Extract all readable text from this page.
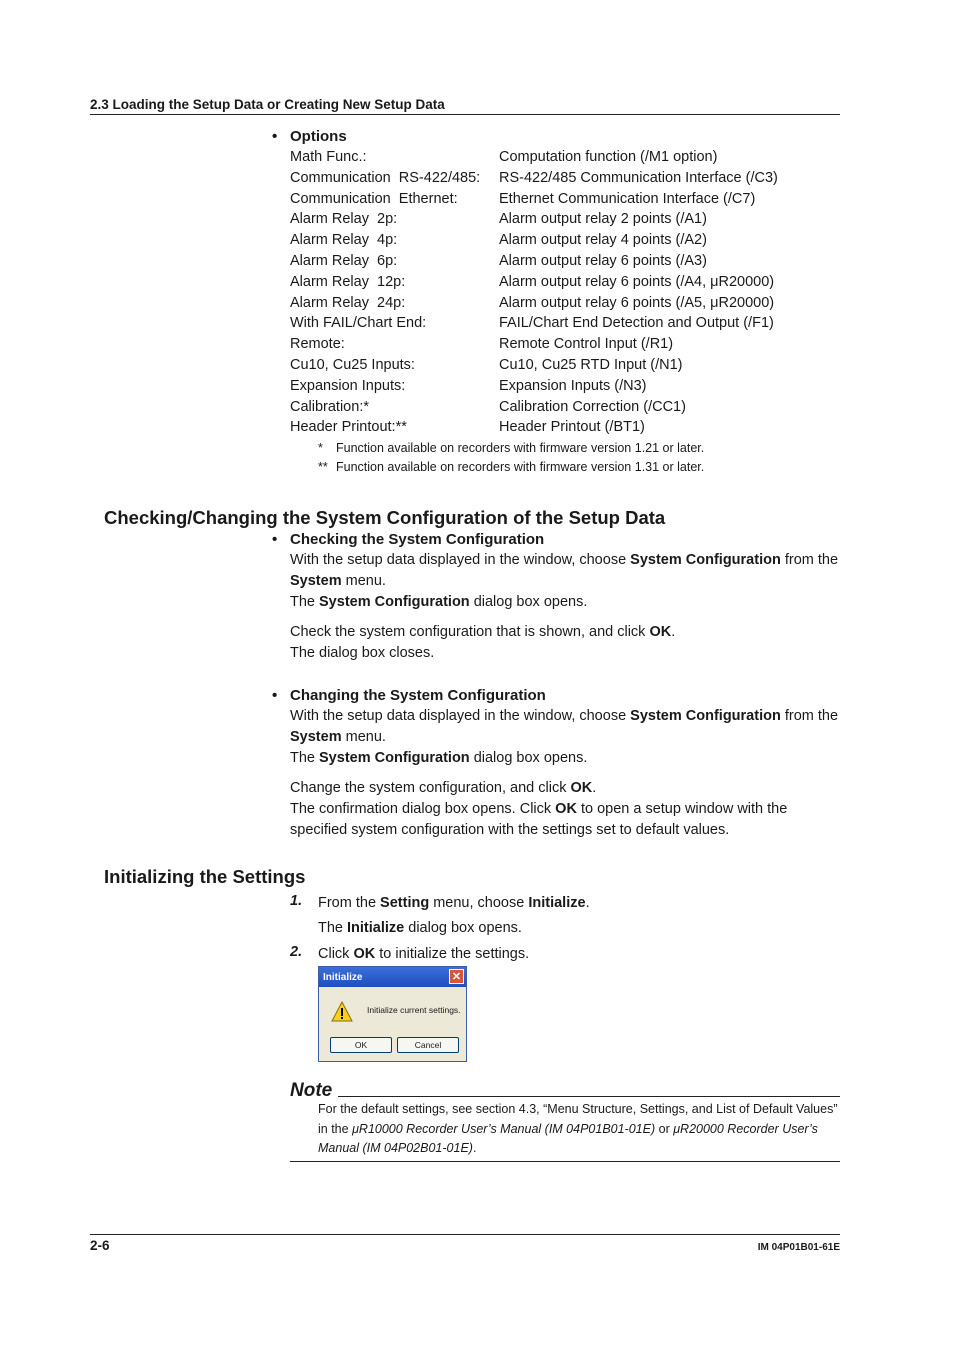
2.3 Loading the Setup Data or Creating New Setup Data
• Options
Math Func.:	Computation function (/M1 option)
Communication  RS-422/485:	RS-422/485 Communication Interface (/C3)
Communication  Ethernet:	Ethernet Communication Interface (/C7)
Alarm Relay  2p:	Alarm output relay 2 points (/A1)
Alarm Relay  4p:	Alarm output relay 4 points (/A2)
Alarm Relay  6p:	Alarm output relay 6 points (/A3)
Alarm Relay  12p:	Alarm output relay 6 points (/A4, μR20000)
Alarm Relay  24p:	Alarm output relay 6 points (/A5, μR20000)
With FAIL/Chart End:	FAIL/Chart End Detection and Output (/F1)
Remote:	Remote Control Input (/R1)
Cu10, Cu25 Inputs:	Cu10, Cu25 RTD Input (/N1)
Expansion Inputs:	Expansion Inputs (/N3)
Calibration:*	Calibration Correction (/CC1)
Header Printout:**	Header Printout (/BT1)
*	Function available on recorders with firmware version 1.21 or later.
** Function available on recorders with firmware version 1.31 or later.
Checking/Changing the System Configuration of the Setup Data
• Checking the System Configuration
With the setup data displayed in the window, choose System Configuration from the
System menu.
The System Configuration dialog box opens.
Check the system configuration that is shown, and click OK.
The dialog box closes.
• Changing the System Configuration
With the setup data displayed in the window, choose System Configuration from the
System menu.
The System Configuration dialog box opens.
Change the system configuration, and click OK.
The confirmation dialog box opens. Click OK to open a setup window with the specified system configuration with the settings set to default values.
Initializing the Settings
1. From the Setting menu, choose Initialize.
The Initialize dialog box opens.
2. Click OK to initialize the settings.
Initialize	✕
Initialize current settings.
OK	Cancel
Note
For the default settings, see section 4.3, “Menu Structure, Settings, and List of Default Values” in the μR10000 Recorder User’s Manual (IM 04P01B01-01E) or μR20000 Recorder User’s Manual (IM 04P02B01-01E).
2-6	IM 04P01B01-61E
